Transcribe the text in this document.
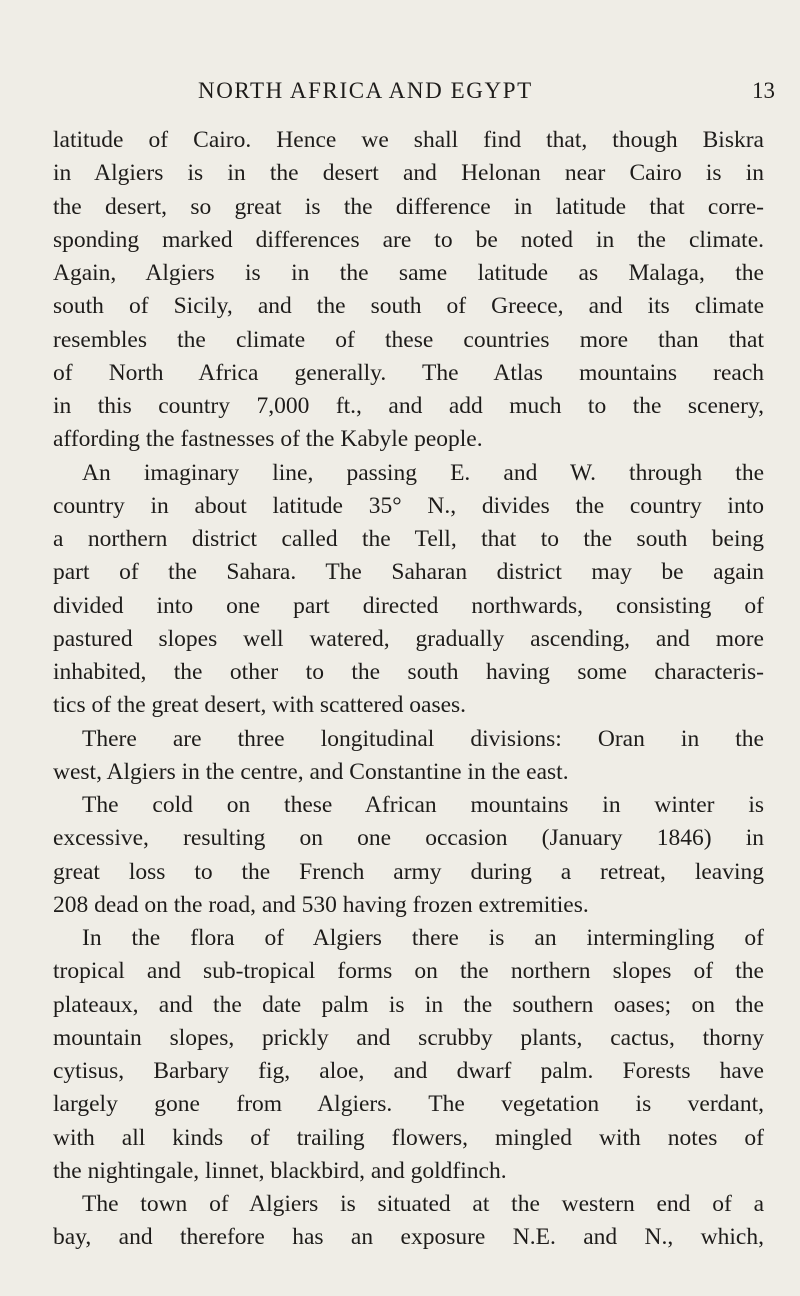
NORTH AFRICA AND EGYPT	13
latitude of Cairo. Hence we shall find that, though Biskra
in Algiers is in the desert and Helonan near Cairo is in
the desert, so great is the difference in latitude that corre-
sponding marked differences are to be noted in the climate.
Again, Algiers is in the same latitude as Malaga, the
south of Sicily, and the south of Greece, and its climate
resembles the climate of these countries more than that
of North Africa generally. The Atlas mountains reach
in this country 7,000 ft., and add much to the scenery,
affording the fastnesses of the Kabyle people.
An imaginary line, passing E. and W. through the
country in about latitude 35° N., divides the country into
a northern district called the Tell, that to the south being
part of the Sahara. The Saharan district may be again
divided into one part directed northwards, consisting of
pastured slopes well watered, gradually ascending, and more
inhabited, the other to the south having some characteris-
tics of the great desert, with scattered oases.
There are three longitudinal divisions: Oran in the
west, Algiers in the centre, and Constantine in the east.
The cold on these African mountains in winter is
excessive, resulting on one occasion (January 1846) in
great loss to the French army during a retreat, leaving
208 dead on the road, and 530 having frozen extremities.
In the flora of Algiers there is an intermingling of
tropical and sub-tropical forms on the northern slopes of the
plateaux, and the date palm is in the southern oases; on the
mountain slopes, prickly and scrubby plants, cactus, thorny
cytisus, Barbary fig, aloe, and dwarf palm. Forests have
largely gone from Algiers. The vegetation is verdant,
with all kinds of trailing flowers, mingled with notes of
the nightingale, linnet, blackbird, and goldfinch.
The town of Algiers is situated at the western end of a
bay, and therefore has an exposure N.E. and N., which,
